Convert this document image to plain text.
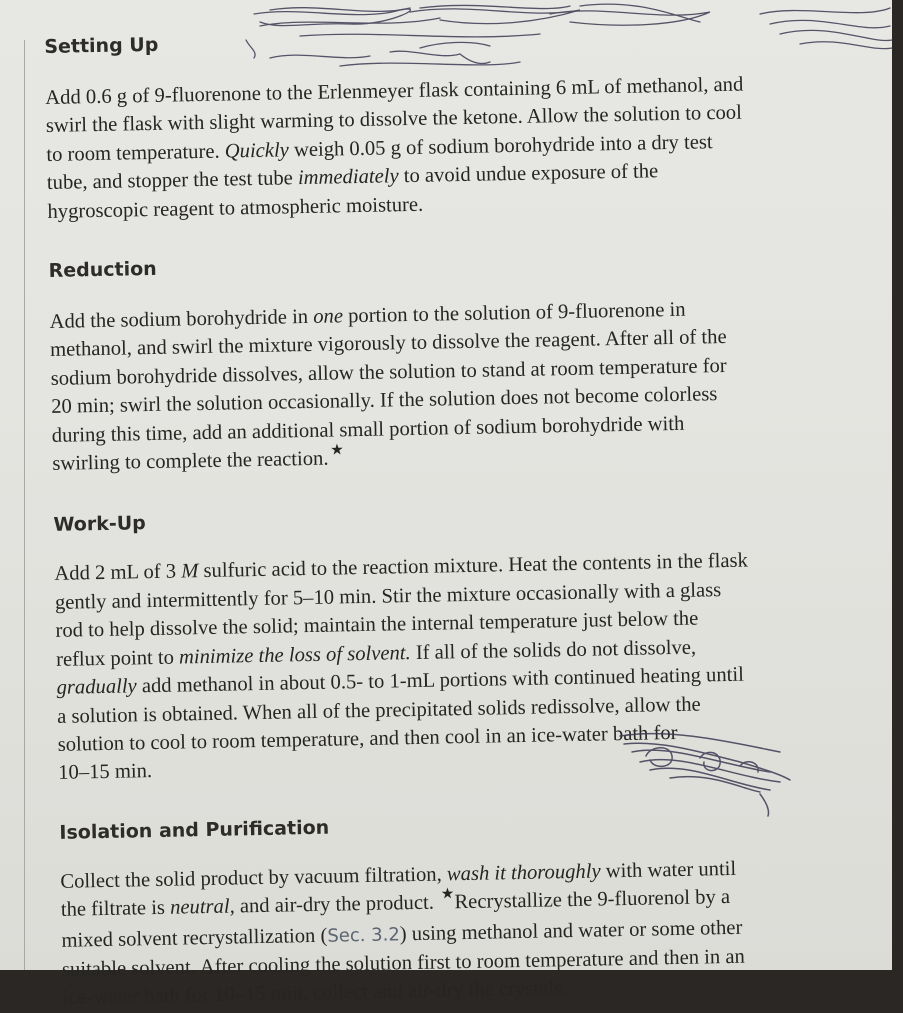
Setting Up
Add 0.6 g of 9-fluorenone to the Erlenmeyer flask containing 6 mL of methanol, and
swirl the flask with slight warming to dissolve the ketone. Allow the solution to cool
to room temperature. Quickly weigh 0.05 g of sodium borohydride into a dry test
tube, and stopper the test tube immediately to avoid undue exposure of the
hygroscopic reagent to atmospheric moisture.
Reduction
Add the sodium borohydride in one portion to the solution of 9-fluorenone in
methanol, and swirl the mixture vigorously to dissolve the reagent. After all of the
sodium borohydride dissolves, allow the solution to stand at room temperature for
20 min; swirl the solution occasionally. If the solution does not become colorless
during this time, add an additional small portion of sodium borohydride with
swirling to complete the reaction.★
Work-Up
Add 2 mL of 3 M sulfuric acid to the reaction mixture. Heat the contents in the flask
gently and intermittently for 5–10 min. Stir the mixture occasionally with a glass
rod to help dissolve the solid; maintain the internal temperature just below the
reflux point to minimize the loss of solvent. If all of the solids do not dissolve,
gradually add methanol in about 0.5- to 1-mL portions with continued heating until
a solution is obtained. When all of the precipitated solids redissolve, allow the
solution to cool to room temperature, and then cool in an ice-water bath for
10–15 min.
Isolation and Purification
Collect the solid product by vacuum filtration, wash it thoroughly with water until
the filtrate is neutral, and air-dry the product. ★Recrystallize the 9-fluorenol by a
mixed solvent recrystallization (Sec. 3.2) using methanol and water or some other
suitable solvent. After cooling the solution first to room temperature and then in an
ice-water bath for 10–15 min, collect and air-dry the crystals.
